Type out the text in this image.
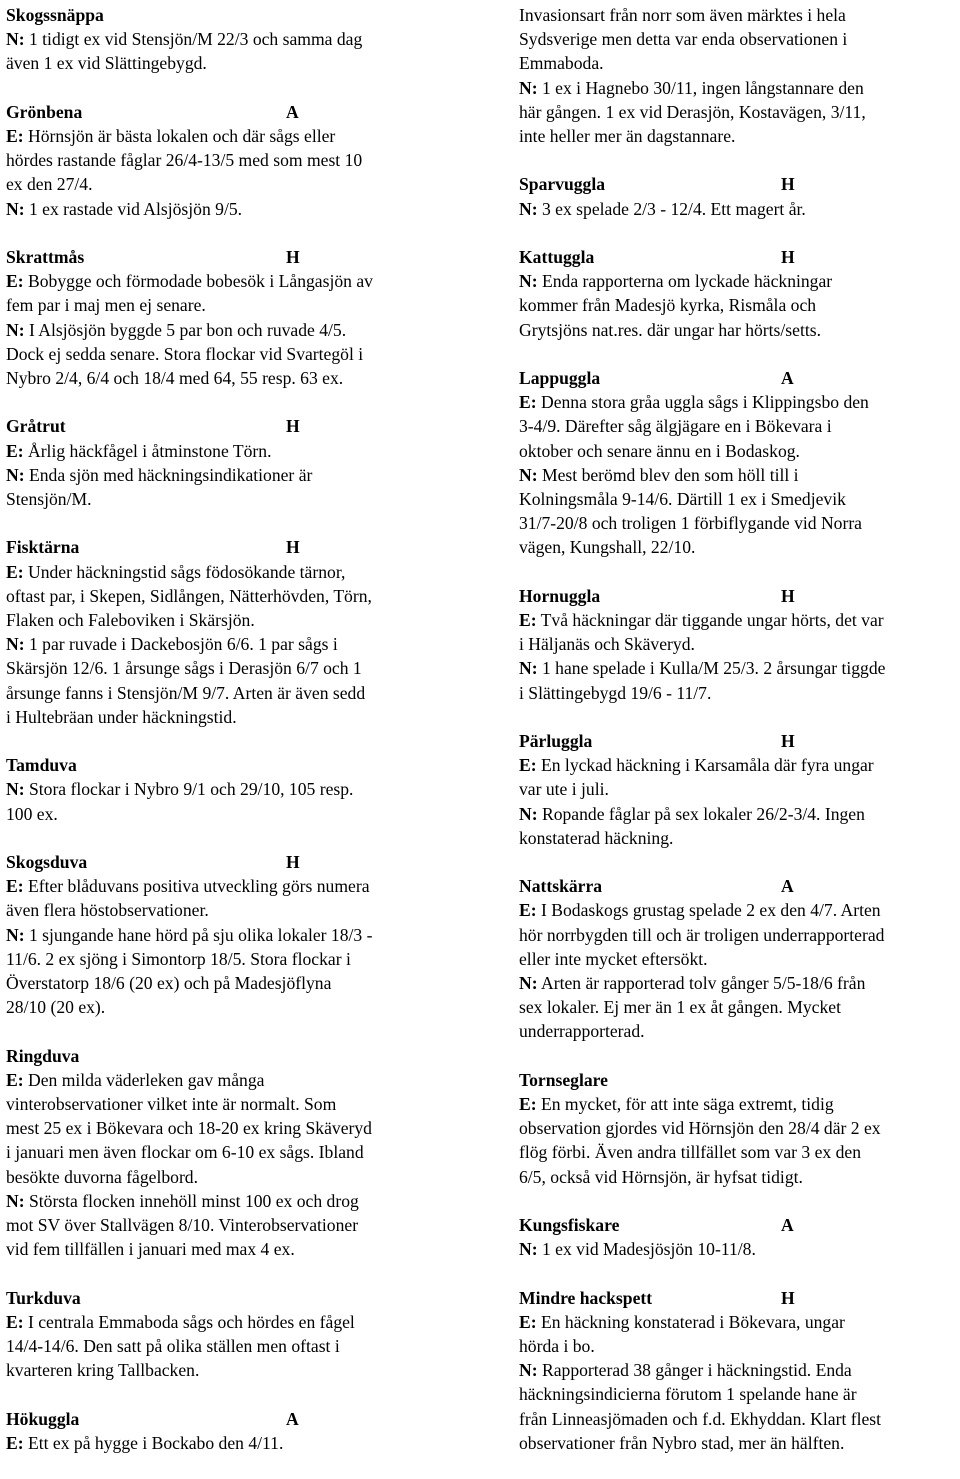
Skogssnäppa
N: 1 tidigt ex vid Stensjön/M 22/3 och samma dag
även 1 ex vid Slättingebygd.
Grönbena	A
E: Hörnsjön är bästa lokalen och där sågs eller
hördes rastande fåglar 26/4-13/5 med som mest 10
ex den 27/4.
N: 1 ex rastade vid Alsjösjön 9/5.
Skrattmås	H
E: Bobygge och förmodade bobesök i Långasjön av
fem par i maj men ej senare.
N: I Alsjösjön byggde 5 par bon och ruvade 4/5.
Dock ej sedda senare. Stora flockar vid Svartegöl i
Nybro 2/4, 6/4 och 18/4 med 64, 55 resp. 63 ex.
Gråtrut	H
E: Årlig häckfågel i åtminstone Törn.
N: Enda sjön med häckningsindikationer är
Stensjön/M.
Fisktärna	H
E: Under häckningstid sågs födosökande tärnor,
oftast par, i Skepen, Sidlången, Nätterhövden, Törn,
Flaken och Faleboviken i Skärsjön.
N: 1 par ruvade i Dackebosjön 6/6. 1 par sågs i
Skärsjön 12/6. 1 årsunge sågs i Derasjön 6/7 och 1
årsunge fanns i Stensjön/M 9/7. Arten är även sedd
i Hultebräan under häckningstid.
Tamduva
N: Stora flockar i Nybro 9/1 och 29/10, 105 resp.
100 ex.
Skogsduva	H
E: Efter blåduvans positiva utveckling görs numera
även flera höstobservationer.
N: 1 sjungande hane hörd på sju olika lokaler 18/3 -
11/6. 2 ex sjöng i Simontorp 18/5. Stora flockar i
Överstatorp 18/6 (20 ex) och på Madesjöflyna
28/10 (20 ex).
Ringduva
E: Den milda väderleken gav många
vinterobservationer vilket inte är normalt. Som
mest 25 ex i Bökevara och 18-20 ex kring Skäveryd
i januari men även flockar om 6-10 ex sågs. Ibland
besökte duvorna fågelbord.
N: Största flocken innehöll minst 100 ex och drog
mot SV över Stallvägen 8/10. Vinterobservationer
vid fem tillfällen i januari med max 4 ex.
Turkduva
E: I centrala Emmaboda sågs och hördes en fågel
14/4-14/6. Den satt på olika ställen men oftast i
kvarteren kring Tallbacken.
Hökuggla	A
E: Ett ex på hygge i Bockabo den 4/11.
Invasionsart från norr som även märktes i hela
Sydsverige men detta var enda observationen i
Emmaboda.
N: 1 ex i Hagnebo 30/11, ingen långstannare den
här gången. 1 ex vid Derasjön, Kostavägen, 3/11,
inte heller mer än dagstannare.
Sparvuggla	H
N: 3 ex spelade 2/3 - 12/4. Ett magert år.
Kattuggla	H
N: Enda rapporterna om lyckade häckningar
kommer från Madesjö kyrka, Rismåla och
Grytsjöns nat.res. där ungar har hörts/setts.
Lappuggla	A
E: Denna stora gråa uggla sågs i Klippingsbo den
3-4/9. Därefter såg älgjägare en i Bökevara i
oktober och senare ännu en i Bodaskog.
N: Mest berömd blev den som höll till i
Kolningsmåla 9-14/6. Därtill 1 ex i Smedjevik
31/7-20/8 och troligen 1 förbiflygande vid Norra
vägen, Kungshall, 22/10.
Hornuggla	H
E: Två häckningar där tiggande ungar hörts, det var
i Häljanäs och Skäveryd.
N: 1 hane spelade i Kulla/M 25/3. 2 årsungar tiggde
i Slättingebygd 19/6 - 11/7.
Pärluggla	H
E: En lyckad häckning i Karsamåla där fyra ungar
var ute i juli.
N: Ropande fåglar på sex lokaler 26/2-3/4. Ingen
konstaterad häckning.
Nattskärra	A
E: I Bodaskogs grustag spelade 2 ex den 4/7. Arten
hör norrbygden till och är troligen underrapporterad
eller inte mycket eftersökt.
N: Arten är rapporterad tolv gånger 5/5-18/6 från
sex lokaler. Ej mer än 1 ex åt gången. Mycket
underrapporterad.
Tornseglare
E: En mycket, för att inte säga extremt, tidig
observation gjordes vid Hörnsjön den 28/4 där 2 ex
flög förbi. Även andra tillfället som var 3 ex den
6/5, också vid Hörnsjön, är hyfsat tidigt.
Kungsfiskare	A
N: 1 ex vid Madesjösjön 10-11/8.
Mindre hackspett	H
E: En häckning konstaterad i Bökevara, ungar
hörda i bo.
N: Rapporterad 38 gånger i häckningstid. Enda
häckningsindicierna förutom 1 spelande hane är
från Linneasjömaden och f.d. Ekhyddan. Klart flest
observationer från Nybro stad, mer än hälften.
